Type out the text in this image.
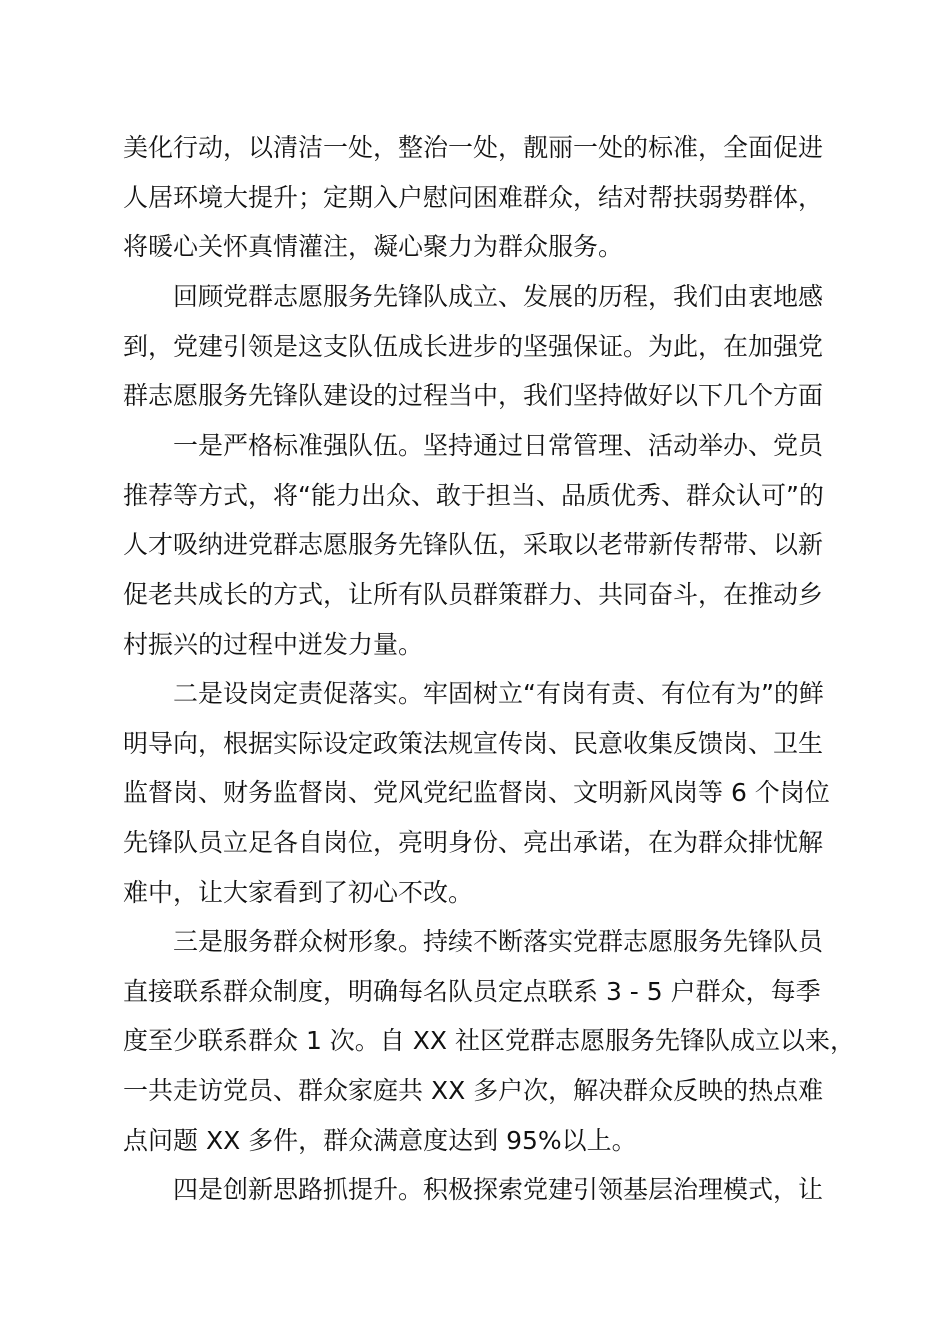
美化行动，以清洁一处，整治一处，靓丽一处的标准，全面促进
人居环境大提升；定期入户慰问困难群众，结对帮扶弱势群体，
将暖心关怀真情灌注，凝心聚力为群众服务。
回顾党群志愿服务先锋队成立、发展的历程，我们由衷地感
到，党建引领是这支队伍成长进步的坚强保证。为此，在加强党
群志愿服务先锋队建设的过程当中，我们坚持做好以下几个方面
一是严格标准强队伍。坚持通过日常管理、活动举办、党员
推荐等方式，将“能力出众、敢于担当、品质优秀、群众认可”的
人才吸纳进党群志愿服务先锋队伍，采取以老带新传帮带、以新
促老共成长的方式，让所有队员群策群力、共同奋斗，在推动乡
村振兴的过程中迸发力量。
二是设岗定责促落实。牢固树立“有岗有责、有位有为”的鲜
明导向，根据实际设定政策法规宣传岗、民意收集反馈岗、卫生
监督岗、财务监督岗、党风党纪监督岗、文明新风岗等 6 个岗位
先锋队员立足各自岗位，亮明身份、亮出承诺，在为群众排忧解
难中，让大家看到了初心不改。
三是服务群众树形象。持续不断落实党群志愿服务先锋队员
直接联系群众制度，明确每名队员定点联系 3 - 5 户群众，每季
度至少联系群众 1 次。自 XX 社区党群志愿服务先锋队成立以来，
一共走访党员、群众家庭共 XX 多户次，解决群众反映的热点难
点问题 XX 多件，群众满意度达到 95%以上。
四是创新思路抓提升。积极探索党建引领基层治理模式，让
